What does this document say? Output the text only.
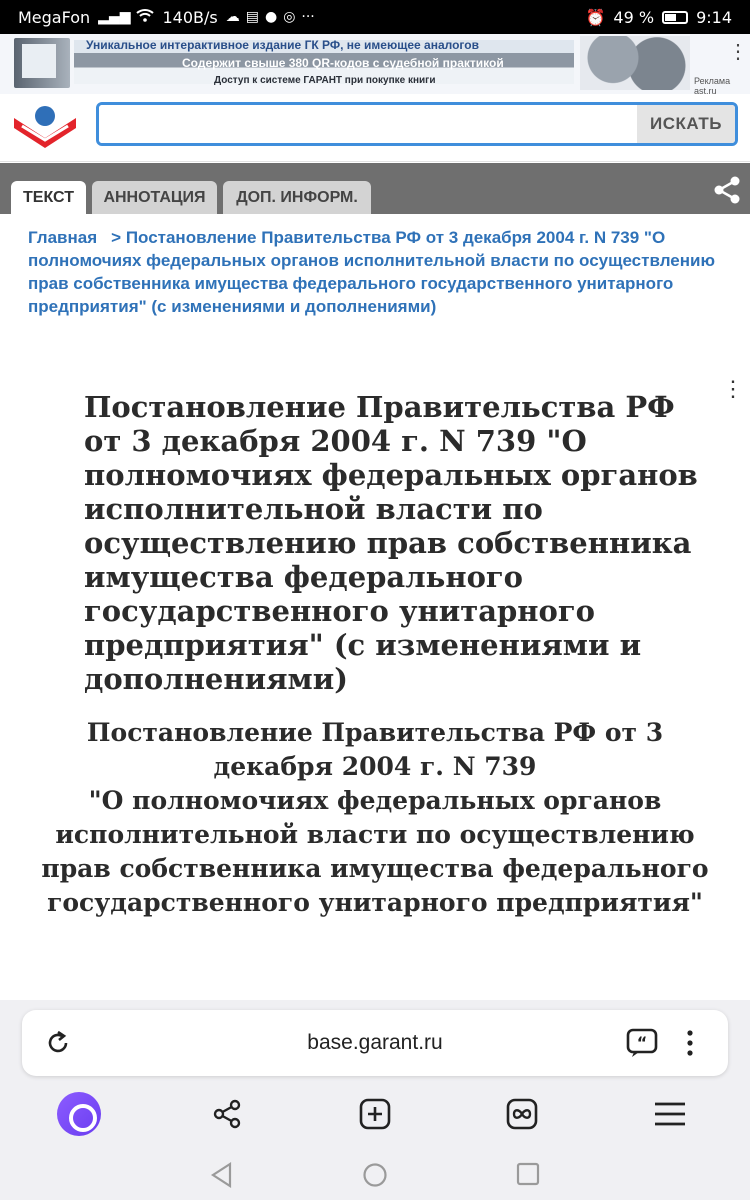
MegaFon ▂▄▆ 140B/s ☁ ▤ ● ◎ ···	⏰ 49 %	9:14
Уникальное интерактивное издание ГК РФ, не имеющее аналогов
Содержит свыше 380 QR-кодов с судебной практикой
Доступ к системе ГАРАНТ при покупке книги	Реклама ast.ru
⋮
ИСКАТЬ
ТЕКСТ	АННОТАЦИЯ	ДОП. ИНФОРМ.
Главная > Постановление Правительства РФ от 3 декабря 2004 г. N 739 "О полномочиях федеральных органов исполнительной власти по осуществлению прав собственника имущества федерального государственного унитарного предприятия" (с изменениями и дополнениями)
⋮
Постановление Правительства РФ от 3 декабря 2004 г. N 739 "О полномочиях федеральных органов исполнительной власти по осуществлению прав собственника имущества федерального государственного унитарного предприятия" (с изменениями и дополнениями)
Постановление Правительства РФ от 3 декабря 2004 г. N 739
"О полномочиях федеральных органов исполнительной власти по осуществлению прав собственника имущества федерального государственного унитарного предприятия"
base.garant.ru	“
